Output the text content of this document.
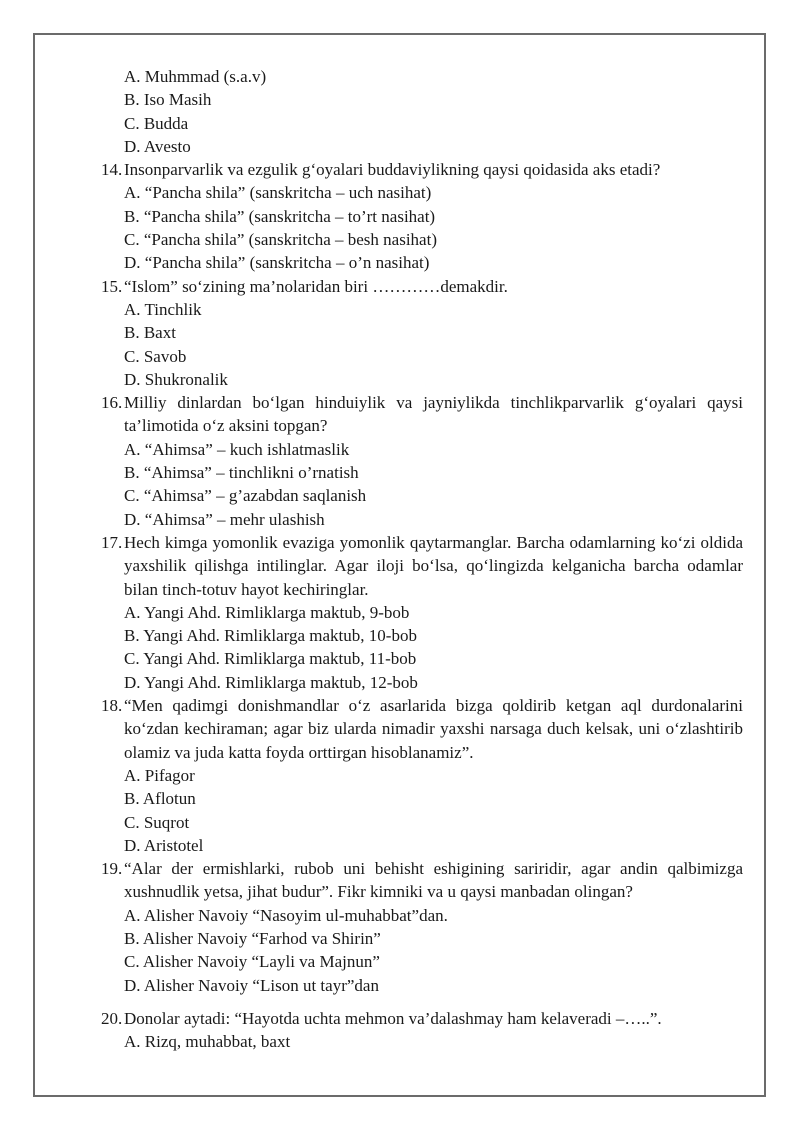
A. Muhmmad (s.a.v)
B. Iso Masih
C. Budda
D. Avesto
14. Insonparvarlik va ezgulik g‘oyalari buddaviylikning qaysi qoidasida aks etadi?
A. “Pancha shila” (sanskritcha – uch nasihat)
B. “Pancha shila” (sanskritcha – to’rt nasihat)
C. “Pancha shila” (sanskritcha – besh nasihat)
D. “Pancha shila” (sanskritcha – o’n nasihat)
15. “Islom” so‘zining ma’nolaridan biri …………demakdir.
A. Tinchlik
B. Baxt
C. Savob
D. Shukronalik
16. Milliy dinlardan bo‘lgan hinduiylik va jayniylikda tinchlikparvarlik g‘oyalari qaysi ta’limotida o‘z aksini topgan?
A. “Ahimsa” – kuch ishlatmaslik
B. “Ahimsa” – tinchlikni o’rnatish
C. “Ahimsa” – g’azabdan saqlanish
D. “Ahimsa” – mehr ulashish
17. Hech kimga yomonlik evaziga yomonlik qaytarmanglar. Barcha odamlarning ko‘zi oldida yaxshilik qilishga intilinglar. Agar iloji bo‘lsa, qo‘lingizda kelganicha barcha odamlar bilan tinch-totuv hayot kechiringlar.
A. Yangi Ahd. Rimliklarga maktub, 9-bob
B. Yangi Ahd. Rimliklarga maktub, 10-bob
C. Yangi Ahd. Rimliklarga maktub, 11-bob
D. Yangi Ahd. Rimliklarga maktub, 12-bob
18. “Men qadimgi donishmandlar o‘z asarlarida bizga qoldirib ketgan aql durdonalarini ko‘zdan kechiraman; agar biz ularda nimadir yaxshi narsaga duch kelsak, uni o‘zlashtirib olamiz va juda katta foyda orttirgan hisoblanamiz”.
A. Pifagor
B. Aflotun
C. Suqrot
D. Aristotel
19. “Alar der ermishlarki, rubob uni behisht eshigining sariridir, agar andin qalbimizga xushnudlik yetsa, jihat budur”. Fikr kimniki va u qaysi manbadan olingan?
A. Alisher Navoiy “Nasoyim ul-muhabbat”dan.
B. Alisher Navoiy “Farhod va Shirin”
C. Alisher Navoiy “Layli va Majnun”
D. Alisher Navoiy “Lison ut tayr”dan
20. Donolar aytadi: “Hayotda uchta mehmon va’dalashmay ham kelaveradi –…..”.
A. Rizq, muhabbat, baxt
